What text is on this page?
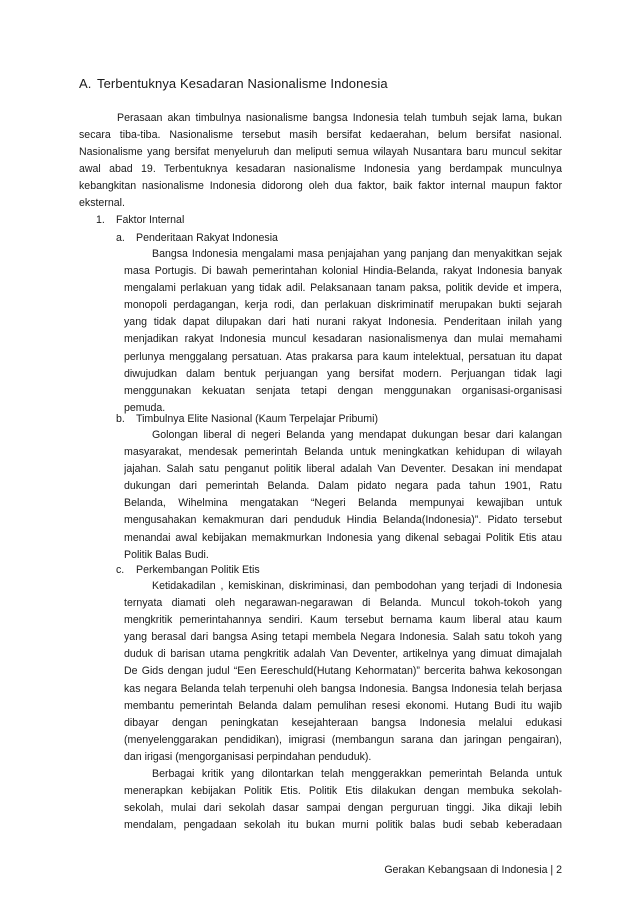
A. Terbentuknya Kesadaran Nasionalisme Indonesia
Perasaan akan timbulnya nasionalisme bangsa Indonesia telah tumbuh sejak lama, bukan
secara tiba-tiba. Nasionalisme tersebut masih bersifat kedaerahan, belum bersifat nasional.
Nasionalisme yang bersifat menyeluruh dan meliputi semua wilayah Nusantara baru muncul sekitar
awal abad 19. Terbentuknya kesadaran nasionalisme Indonesia yang berdampak munculnya
kebangkitan nasionalisme Indonesia didorong oleh dua faktor, baik faktor internal maupun faktor
eksternal.
1. Faktor Internal
a. Penderitaan Rakyat Indonesia
Bangsa Indonesia mengalami masa penjajahan yang panjang dan menyakitkan sejak
masa Portugis. Di bawah pemerintahan kolonial Hindia-Belanda, rakyat Indonesia banyak
mengalami perlakuan yang tidak adil. Pelaksanaan tanam paksa, politik devide et impera,
monopoli perdagangan, kerja rodi, dan perlakuan diskriminatif merupakan bukti sejarah
yang tidak dapat dilupakan dari hati nurani rakyat Indonesia. Penderitaan inilah yang
menjadikan rakyat Indonesia muncul kesadaran nasionalismenya dan mulai memahami
perlunya menggalang persatuan. Atas prakarsa para kaum intelektual, persatuan itu dapat
diwujudkan dalam bentuk perjuangan yang bersifat modern. Perjuangan tidak lagi
menggunakan kekuatan senjata tetapi dengan menggunakan organisasi-organisasi
pemuda.
b. Timbulnya Elite Nasional (Kaum Terpelajar Pribumi)
Golongan liberal di negeri Belanda yang mendapat dukungan besar dari kalangan
masyarakat, mendesak pemerintah Belanda untuk meningkatkan kehidupan di wilayah
jajahan. Salah satu penganut politik liberal adalah Van Deventer. Desakan ini mendapat
dukungan dari pemerintah Belanda. Dalam pidato negara pada tahun 1901, Ratu
Belanda, Wihelmina mengatakan “Negeri Belanda mempunyai kewajiban untuk
mengusahakan kemakmuran dari penduduk Hindia Belanda(Indonesia)”. Pidato tersebut
menandai awal kebijakan memakmurkan Indonesia yang dikenal sebagai Politik Etis atau
Politik Balas Budi.
c. Perkembangan Politik Etis
Ketidakadilan , kemiskinan, diskriminasi, dan pembodohan yang terjadi di Indonesia
ternyata diamati oleh negarawan-negarawan di Belanda. Muncul tokoh-tokoh yang
mengkritik pemerintahannya sendiri. Kaum tersebut bernama kaum liberal atau kaum
yang berasal dari bangsa Asing tetapi membela Negara Indonesia. Salah satu tokoh yang
duduk di barisan utama pengkritik adalah Van Deventer, artikelnya yang dimuat dimajalah
De Gids dengan judul “Een Eereschuld(Hutang Kehormatan)” bercerita bahwa kekosongan
kas negara Belanda telah terpenuhi oleh bangsa Indonesia. Bangsa Indonesia telah berjasa
membantu pemerintah Belanda dalam pemulihan resesi ekonomi. Hutang Budi itu wajib
dibayar dengan peningkatan kesejahteraan bangsa Indonesia melalui edukasi
(menyelenggarakan pendidikan), imigrasi (membangun sarana dan jaringan pengairan),
dan irigasi (mengorganisasi perpindahan penduduk).
Berbagai kritik yang dilontarkan telah menggerakkan pemerintah Belanda untuk
menerapkan kebijakan Politik Etis. Politik Etis dilakukan dengan membuka sekolah-
sekolah, mulai dari sekolah dasar sampai dengan perguruan tinggi. Jika dikaji lebih
mendalam, pengadaan sekolah itu bukan murni politik balas budi sebab keberadaan
Gerakan Kebangsaan di Indonesia | 2
